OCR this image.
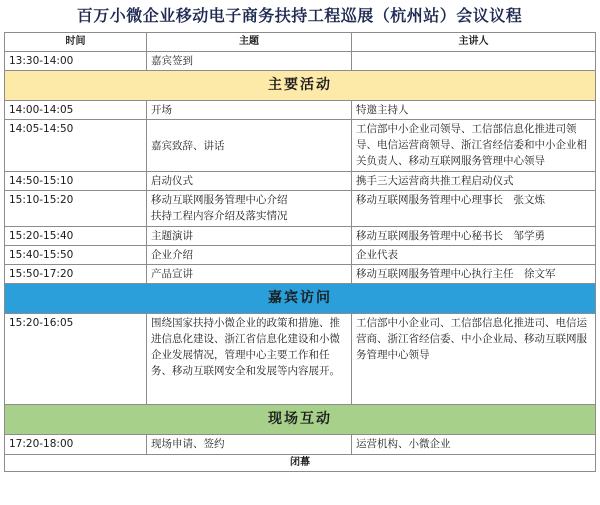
百万小微企业移动电子商务扶持工程巡展（杭州站）会议议程
时间	主题	主讲人

13:30-14:00	嘉宾签到	

主要活动		

14:00-14:05	开场	特邀主持人

14:05-14:50	嘉宾致辞、讲话	工信部中小企业司领导、工信部信息化推进司领导、电信运营商领导、浙江省经信委和中小企业相关负责人、移动互联网服务管理中心领导

14:50-15:10	启动仪式	携手三大运营商共推工程启动仪式

15:10-15:20	移动互联网服务管理中心介绍
扶持工程内容介绍及落实情况	移动互联网服务管理中心理事长　张文炼

15:20-15:40	主题演讲	移动互联网服务管理中心秘书长　邹学勇

15:40-15:50	企业介绍	企业代表

15:50-17:20	产品宣讲	移动互联网服务管理中心执行主任　徐文军

嘉宾访问		

15:20-16:05	围绕国家扶持小微企业的政策和措施、推进信息化建设、浙江省信息化建设和小微企业发展情况，管理中心主要工作和任务、移动互联网安全和发展等内容展开。	工信部中小企业司、工信部信息化推进司、电信运营商、浙江省经信委、中小企业局、移动互联网服务管理中心领导

现场互动		

17:20-18:00	现场申请、签约	运营机构、小微企业

闭幕		
